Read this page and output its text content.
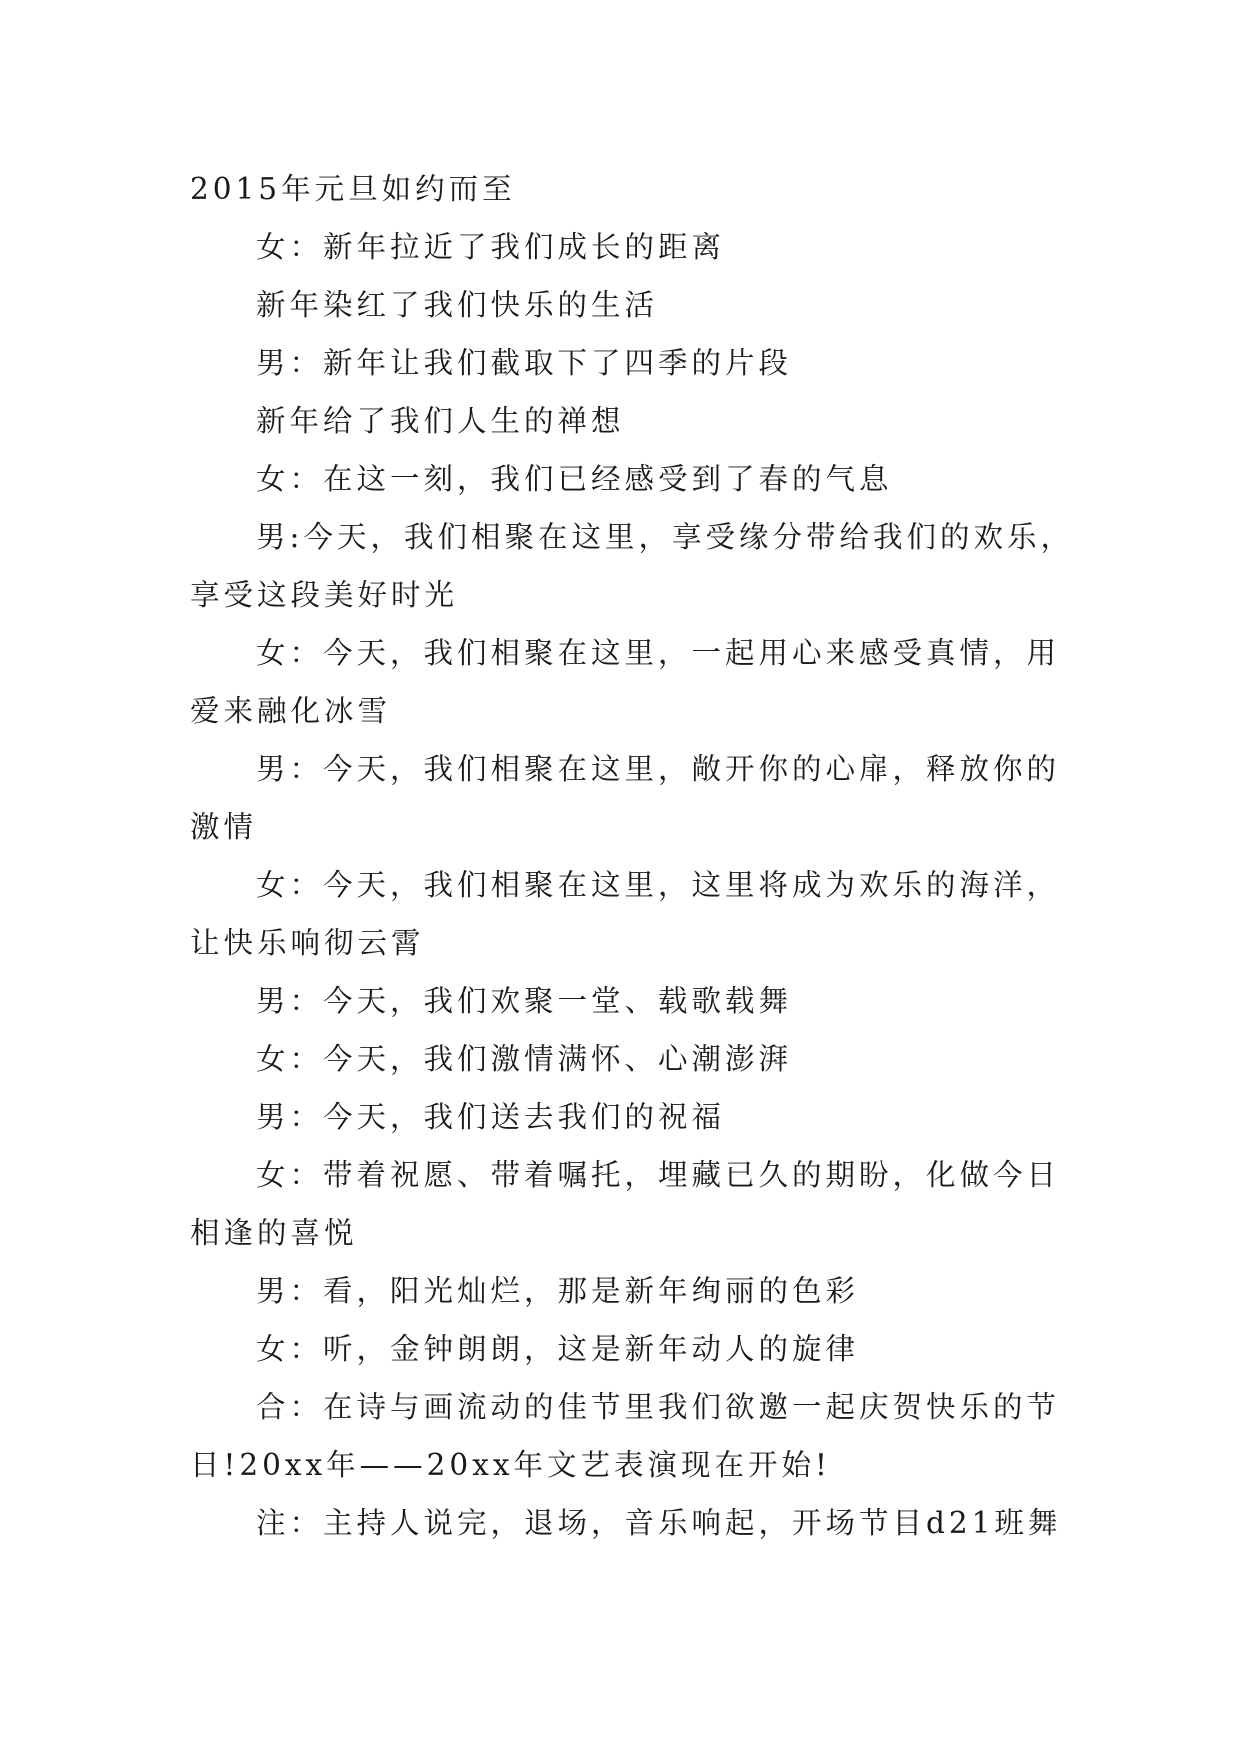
2015年元旦如约而至

女：新年拉近了我们成长的距离

新年染红了我们快乐的生活

男：新年让我们截取下了四季的片段

新年给了我们人生的禅想

女：在这一刻，我们已经感受到了春的气息

男:今天，我们相聚在这里，享受缘分带给我们的欢乐，

享受这段美好时光

女：今天，我们相聚在这里，一起用心来感受真情，用

爱来融化冰雪

男：今天，我们相聚在这里，敞开你的心扉，释放你的

激情

女：今天，我们相聚在这里，这里将成为欢乐的海洋，

让快乐响彻云霄

男：今天，我们欢聚一堂、载歌载舞

女：今天，我们激情满怀、心潮澎湃

男：今天，我们送去我们的祝福

女：带着祝愿、带着嘱托，埋藏已久的期盼，化做今日

相逢的喜悦

男：看，阳光灿烂，那是新年绚丽的色彩

女：听，金钟朗朗，这是新年动人的旋律

合：在诗与画流动的佳节里我们欲邀一起庆贺快乐的节

日!20xx年——20xx年文艺表演现在开始!

注：主持人说完，退场，音乐响起，开场节目d21班舞
